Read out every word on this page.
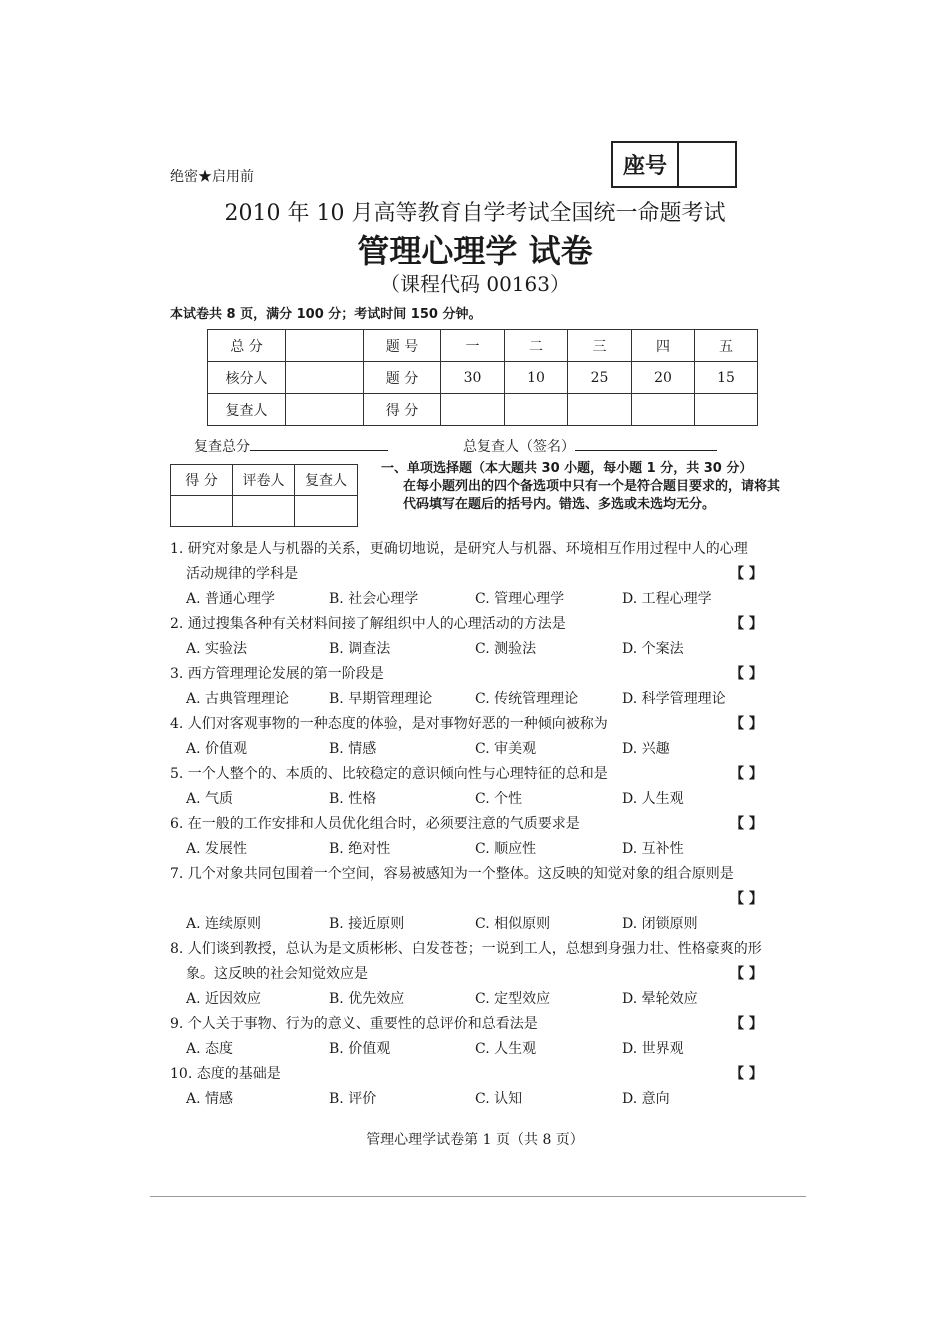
绝密★启用前	座号
2010 年 10 月高等教育自学考试全国统一命题考试
管理心理学 试卷
（课程代码 00163）
本试卷共 8 页，满分 100 分；考试时间 150 分钟。
总 分		题 号	一	二	三	四	五
核分人		题 分	30	10	25	20	15
复查人		得 分					
复查总分	总复查人（签名）
得 分	评卷人	复查人

一、单项选择题（本大题共 30 小题，每小题 1 分，共 30 分）
在每小题列出的四个备选项中只有一个是符合题目要求的，请将其代码填写在题后的括号内。错选、多选或未选均无分。
1. 研究对象是人与机器的关系，更确切地说，是研究人与机器、环境相互作用过程中人的心理
活动规律的学科是	【 】
A. 普通心理学	B. 社会心理学	C. 管理心理学	D. 工程心理学
2. 通过搜集各种有关材料间接了解组织中人的心理活动的方法是	【 】
A. 实验法	B. 调查法	C. 测验法	D. 个案法
3. 西方管理理论发展的第一阶段是	【 】
A. 古典管理理论	B. 早期管理理论	C. 传统管理理论	D. 科学管理理论
4. 人们对客观事物的一种态度的体验，是对事物好恶的一种倾向被称为	【 】
A. 价值观	B. 情感	C. 审美观	D. 兴趣
5. 一个人整个的、本质的、比较稳定的意识倾向性与心理特征的总和是	【 】
A. 气质	B. 性格	C. 个性	D. 人生观
6. 在一般的工作安排和人员优化组合时，必须要注意的气质要求是	【 】
A. 发展性	B. 绝对性	C. 顺应性	D. 互补性
7. 几个对象共同包围着一个空间，容易被感知为一个整体。这反映的知觉对象的组合原则是
【 】
A. 连续原则	B. 接近原则	C. 相似原则	D. 闭锁原则
8. 人们谈到教授，总认为是文质彬彬、白发苍苍；一说到工人，总想到身强力壮、性格豪爽的形
象。这反映的社会知觉效应是	【 】
A. 近因效应	B. 优先效应	C. 定型效应	D. 晕轮效应
9. 个人关于事物、行为的意义、重要性的总评价和总看法是	【 】
A. 态度	B. 价值观	C. 人生观	D. 世界观
10. 态度的基础是	【 】
A. 情感	B. 评价	C. 认知	D. 意向
管理心理学试卷第 1 页（共 8 页）
